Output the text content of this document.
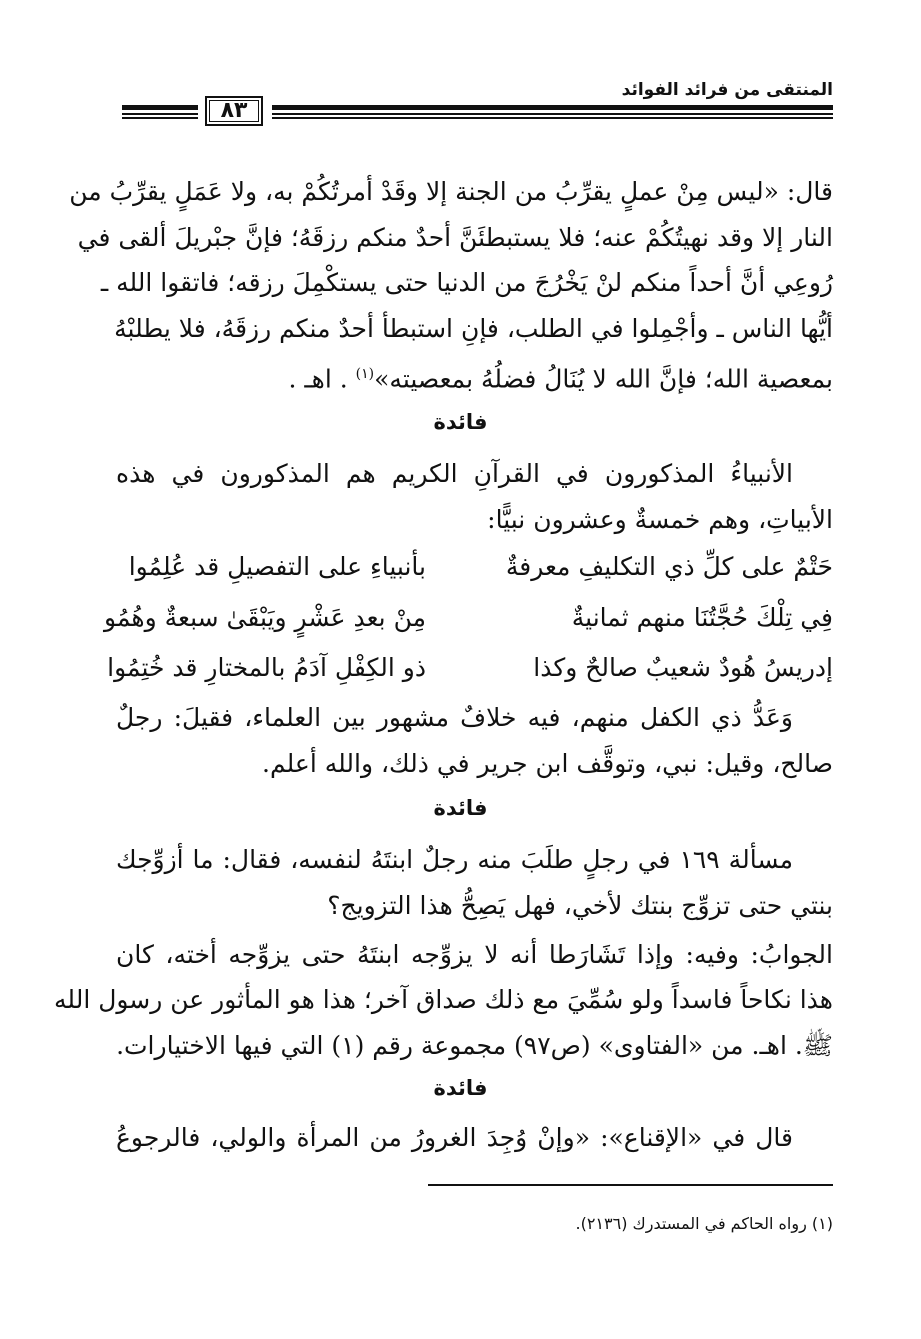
المنتقى من فرائد الفوائد
٨٣
قال: «ليس مِنْ عملٍ يقرِّبُ من الجنة إلا وقَدْ أمرتُكُمْ به، ولا عَمَلٍ يقرِّبُ من
النار إلا وقد نهيتُكُمْ عنه؛ فلا يستبطئَنَّ أحدٌ منكم رزقَهُ؛ فإنَّ جبْريلَ ألقى في
رُوعِي أنَّ أحداً منكم لنْ يَخْرُجَ من الدنيا حتى يستكْمِلَ رزقه؛ فاتقوا الله ـ
أيُّها الناس ـ وأجْمِلوا في الطلب، فإنِ استبطأ أحدٌ منكم رزقَهُ، فلا يطلبْهُ
بمعصية الله؛ فإنَّ الله لا يُنَالُ فضلُهُ بمعصيته»$^{(١)}$ . اهـ .
فائدة
الأنبياءُ المذكورون في القرآنِ الكريم هم المذكورون في هذه
الأبياتِ، وهم خمسةٌ وعشرون نبيًّا:
حَتْمٌ على كلِّ ذي التكليفِ معرفةٌ
بأنبياءِ على التفصيلِ قد عُلِمُوا
فِي تِلْكَ حُجَّتُنَا منهم ثمانيةٌ
مِنْ بعدِ عَشْرٍ ويَبْقَىٰ سبعةٌ وهُمُو
إدريسُ هُودٌ شعيبٌ صالحٌ وكذا
ذو الكِفْلِ آدَمُ بالمختارِ قد خُتِمُوا
وَعَدُّ ذي الكفل منهم، فيه خلافٌ مشهور بين العلماء، فقيلَ: رجلٌ
صالح، وقيل: نبي، وتوقَّف ابن جرير في ذلك، والله أعلم.
فائدة
مسألة ١٦٩ في رجلٍ طلَبَ منه رجلٌ ابنتَهُ لنفسه، فقال: ما أزوِّجك
بنتي حتى تزوِّج بنتك لأخي، فهل يَصِحُّ هذا التزويج؟
الجوابُ: وفيه: وإذا تَشَارَطا أنه لا يزوِّجه ابنتَهُ حتى يزوِّجه أخته، كان
هذا نكاحاً فاسداً ولو سُمِّيَ مع ذلك صداق آخر؛ هذا هو المأثور عن رسول الله
ﷺ. اهـ. من «الفتاوى» (ص٩٧) مجموعة رقم (١) التي فيها الاختيارات.
فائدة
قال في «الإقناع»: «وإنْ وُجِدَ الغرورُ من المرأة والولي، فالرجوعُ
(١) رواه الحاكم في المستدرك (٢١٣٦).
